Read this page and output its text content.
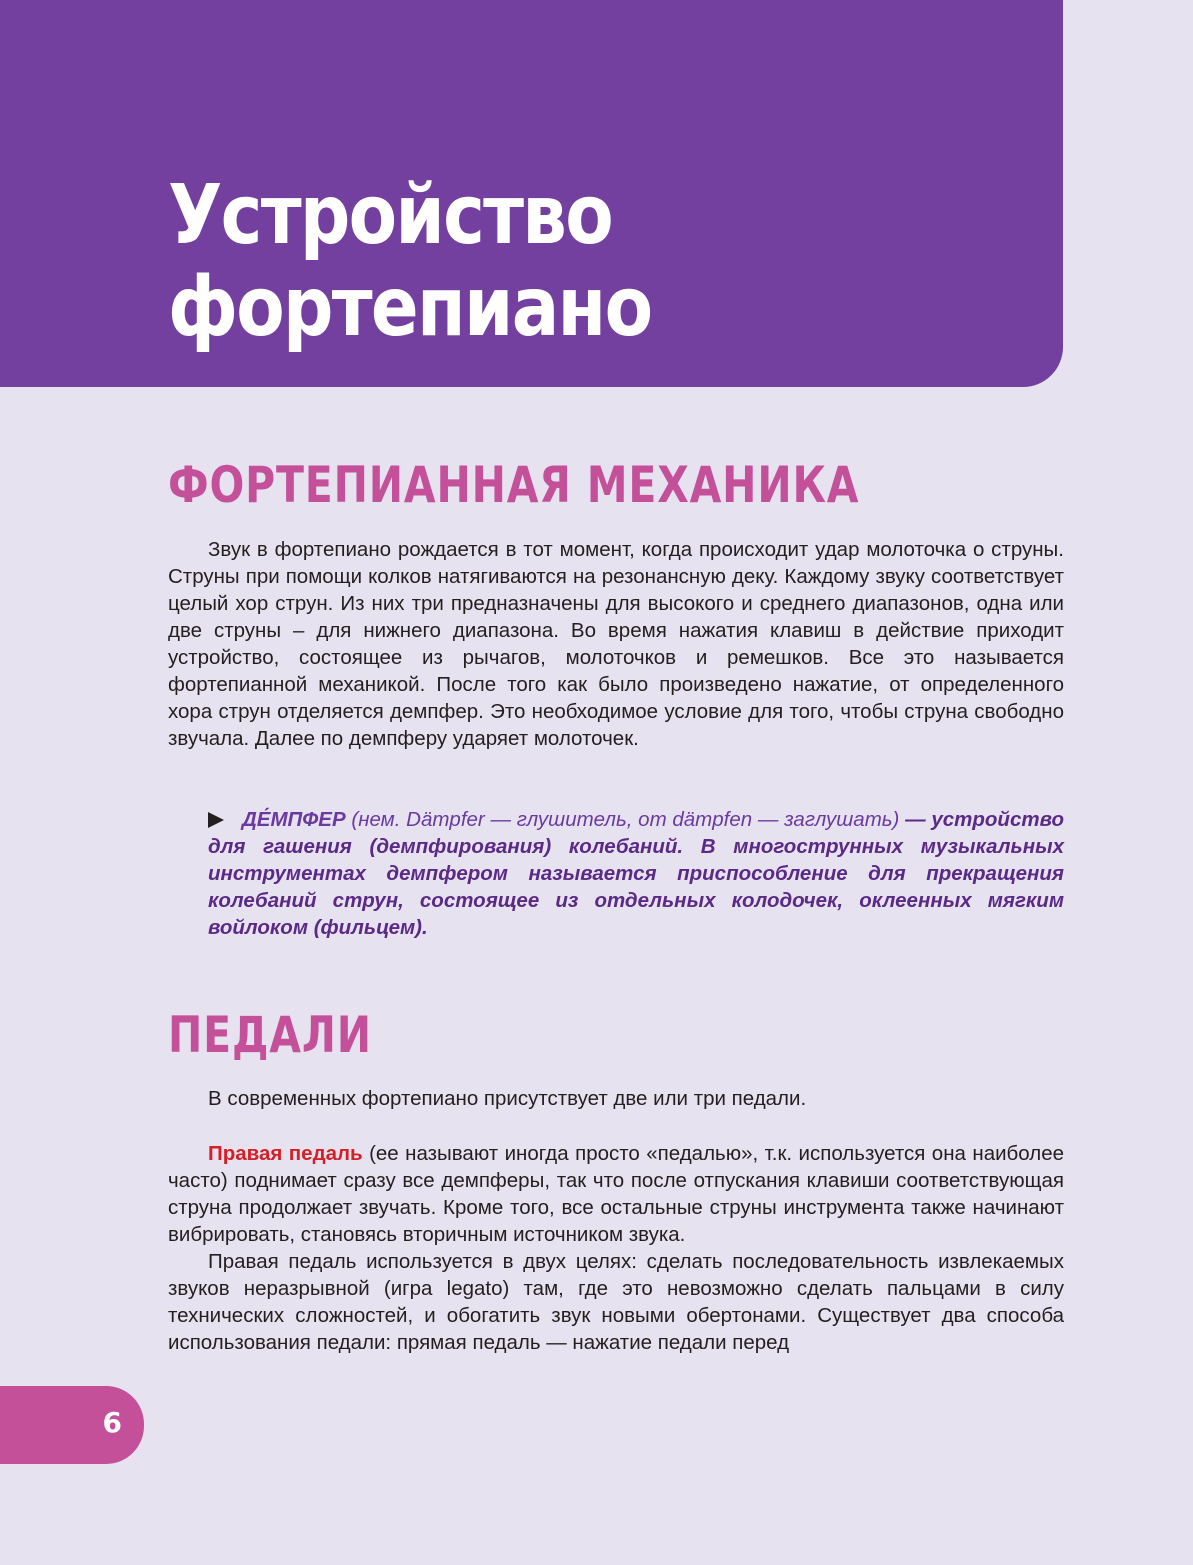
Устройство
фортепиано
ФОРТЕПИАННАЯ МЕХАНИКА

Звук в фортепиано рождается в тот момент, когда происходит удар молоточка о струны. Струны при помощи колков натягиваются на резонансную деку. Каждому звуку соответствует целый хор струн. Из них три предназначены для высокого и среднего диапазонов, одна или две струны – для нижнего диапазона. Во время нажатия клавиш в действие приходит устройство, состоящее из рычагов, молоточков и ремешков. Все это называется фортепианной механикой. После того как было произведено нажатие, от определенного хора струн отделяется демпфер. Это необходимое условие для того, чтобы струна свободно звучала. Далее по демпферу ударяет молоточек.

ДЕ́МПФЕР (нем. Dämpfer — глушитель, от dämpfen — заглушать) — устройство для гашения (демпфирования) колебаний. В многострунных музыкальных инструментах демпфером называется приспособление для прекращения колебаний струн, состоящее из отдельных колодочек, оклеенных мягким войлоком (фильцем).
ПЕДАЛИ

В современных фортепиано присутствует две или три педали.

Правая педаль (ее называют иногда просто «педалью», т.к. используется она наиболее часто) поднимает сразу все демпферы, так что после отпускания клавиши соответствующая струна продолжает звучать. Кроме того, все остальные струны инструмента также начинают вибрировать, становясь вторичным источником звука.

Правая педаль используется в двух целях: сделать последовательность извлекаемых звуков неразрывной (игра legato) там, где это невозможно сделать пальцами в силу технических сложностей, и обогатить звук новыми обертонами. Существует два способа использования педали: прямая педаль — нажатие педали перед

6
